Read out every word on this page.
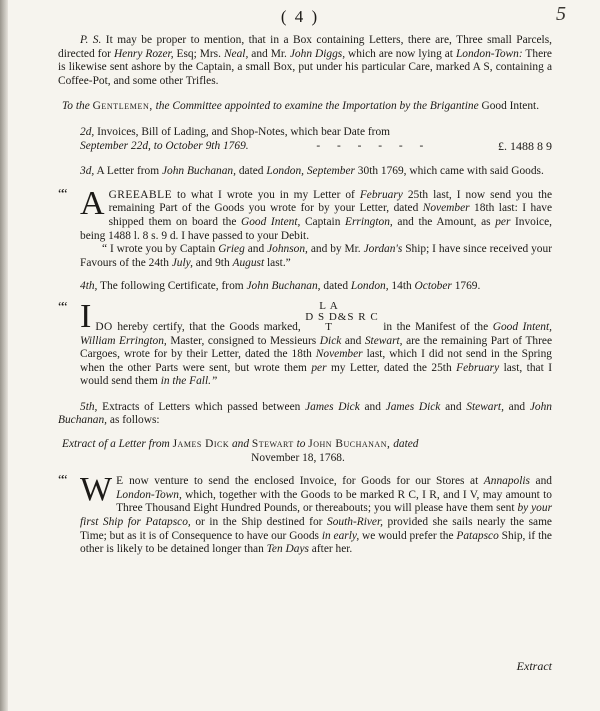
( 4 )	5

P. S. It may be proper to mention, that in a Box containing Letters, there are, Three small Parcels, directed for Henry Rozer, Esq; Mrs. Neal, and Mr. John Diggs, which are now lying at London-Town: There is likewise sent ashore by the Captain, a small Box, put under his particular Care, marked A S, containing a Coffee-Pot, and some other Trifles.

To the Gentlemen, the Committee appointed to examine the Importation by the Brigantine Good Intent.

2d, Invoices, Bill of Lading, and Shop-Notes, which bear Date from

September 22d, to October 9th 1769.	- - - - - -	£. 1488 8 9

3d, A Letter from John Buchanan, dated London, September 30th 1769, which came with said Goods.

““ AGREEABLE to what I wrote you in my Letter of February 25th last, I now send you the remaining Part of the Goods you wrote for by your Letter, dated November 18th last: I have shipped them on board the Good Intent, Captain Errington, and the Amount, as per Invoice, being 1488 l. 8 s. 9 d. I have passed to your Debit.

“ I wrote you by Captain Grieg and Johnson, and by Mr. Jordan's Ship; I have since received your Favours of the 24th July, and 9th August last.”

4th, The following Certificate, from John Buchanan, dated London, 14th October 1769.

““ IDO hereby certify, that the Goods marked,
L A
D S D&S R C
T	in the Manifest of the Good Intent, William Errington, Master, consigned to Messieurs Dick and Stewart, are the remaining Part of Three Cargoes, wrote for by their Letter, dated the 18th November last, which I did not send in the Spring when the other Parts were sent, but wrote them per my Letter, dated the 25th February last, that I would send them in the Fall.”

5th, Extracts of Letters which passed between James Dick and James Dick and Stewart, and John Buchanan, as follows:

Extract of a Letter from James Dick and Stewart to John Buchanan, dated
November 18, 1768.

““ W E now venture to send the enclosed Invoice, for Goods for our Stores at Annapolis and London-Town, which, together with the Goods to be marked R C, I R, and I V, may amount to Three Thousand Eight Hundred Pounds, or thereabouts; you will please have them sent by your first Ship for Patapsco, or in the Ship destined for South-River, provided she sails nearly the same Time; but as it is of Consequence to have our Goods in early, we would prefer the Patapsco Ship, if the other is likely to be detained longer than Ten Days after her.

Extract
